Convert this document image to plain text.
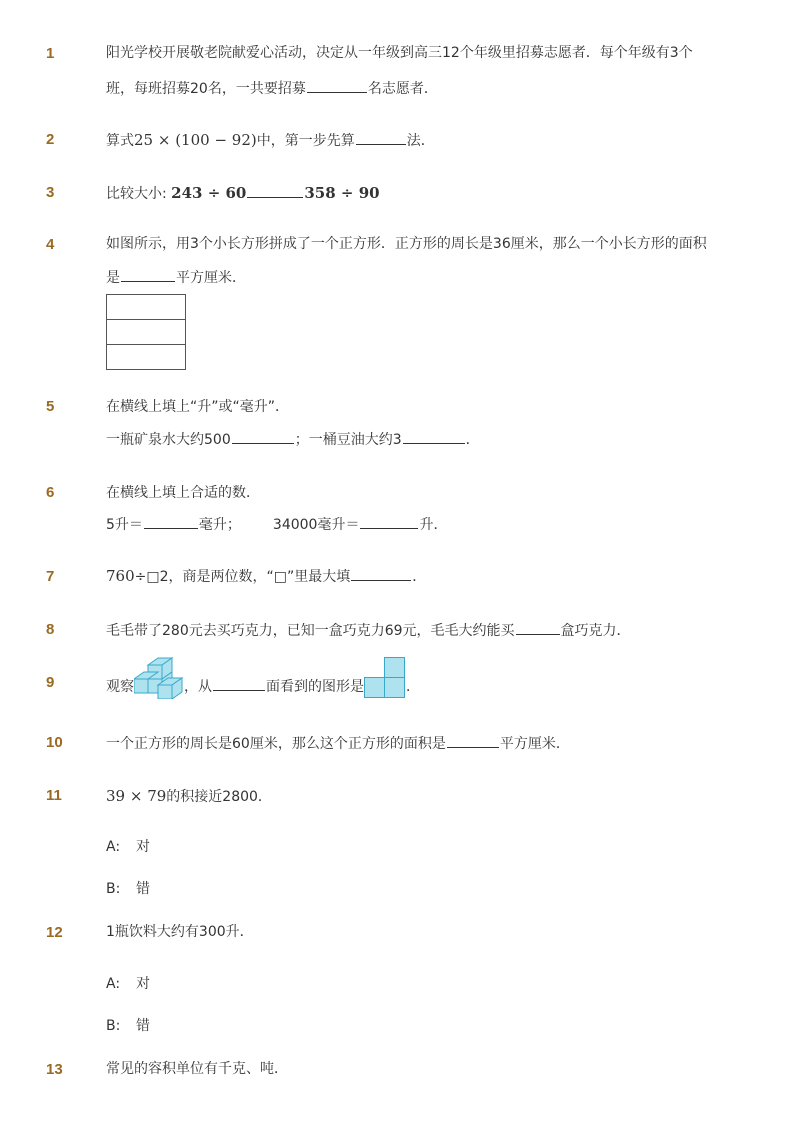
1	阳光学校开展敬老院献爱心活动，决定从一年级到高三12个年级里招募志愿者．每个年级有3个
班，每班招募20名，一共要招募	名志愿者．
2	算式25 × (100 − 92)中，第一步先算	法．
3	比较大小: 243 ÷ 60	358 ÷ 90
4	如图所示，用3个小长方形拼成了一个正方形．正方形的周长是36厘米，那么一个小长方形的面积
是	平方厘米．
5	在横线上填上“升”或“毫升”．
一瓶矿泉水大约500	；一桶豆油大约3	．
6	在横线上填上合适的数．
5升＝	毫升； 34000毫升＝	升．
7	760÷□2，商是两位数，“□”里最大填	．
8	毛毛带了280元去买巧克力，已知一盒巧克力69元，毛毛大约能买	盒巧克力．
9	观察	，从	面看到的图形是	．
10	一个正方形的周长是60厘米，那么这个正方形的面积是	平方厘米．
11	39 × 79的积接近2800．
A: 对
B: 错
12	1瓶饮料大约有300升．
A: 对
B: 错
13	常见的容积单位有千克、吨．
